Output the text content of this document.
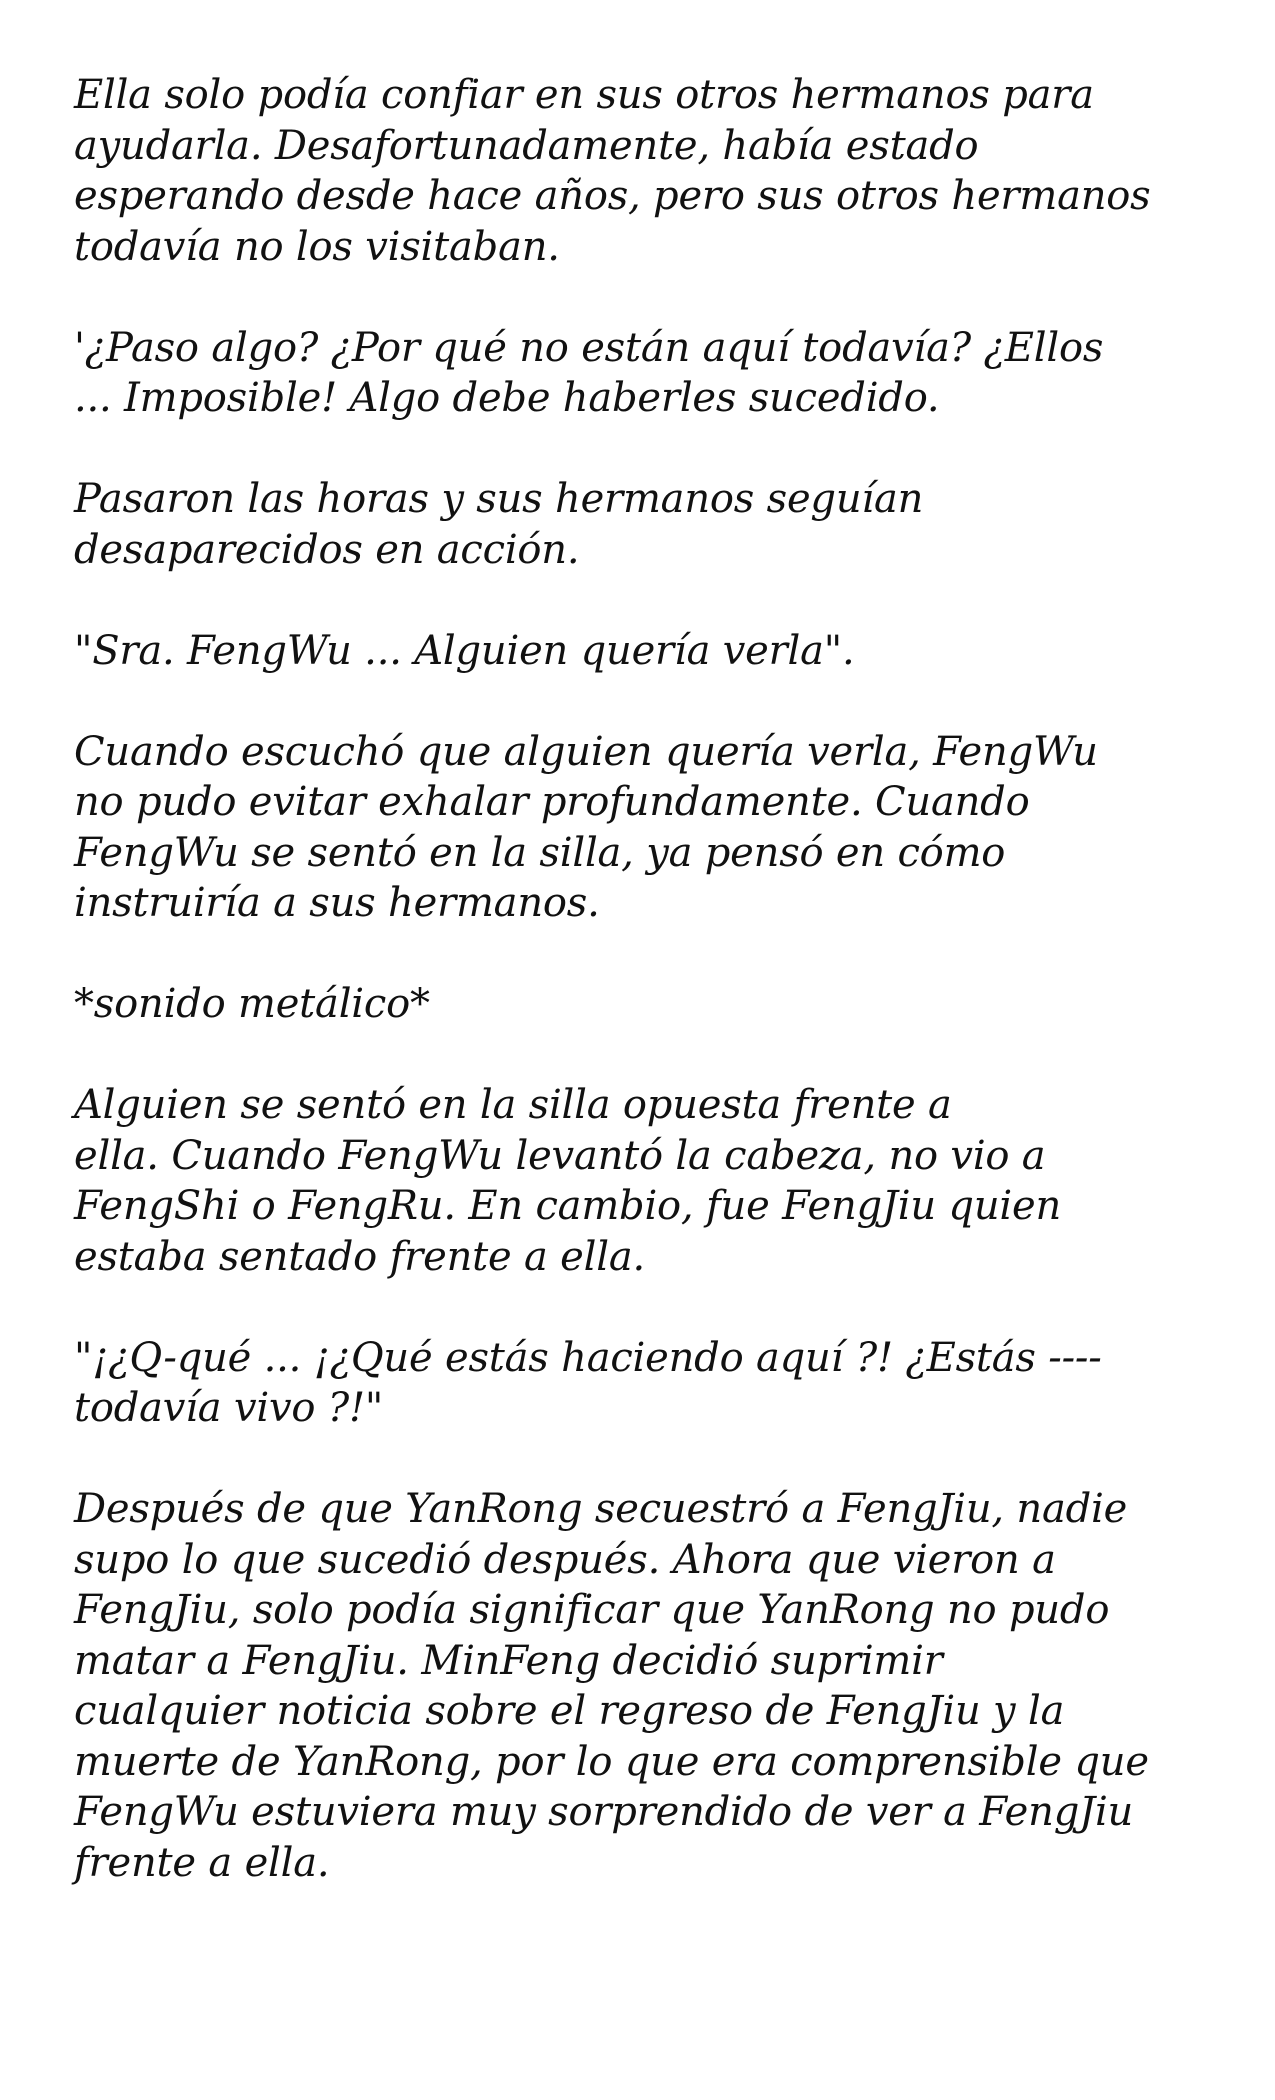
Ella solo podía confiar en sus otros hermanos para
ayudarla. Desafortunadamente, había estado
esperando desde hace años, pero sus otros hermanos
todavía no los visitaban.

'¿Paso algo? ¿Por qué no están aquí todavía? ¿Ellos
... Imposible! Algo debe haberles sucedido.

Pasaron las horas y sus hermanos seguían
desaparecidos en acción.

"Sra. FengWu ... Alguien quería verla".

Cuando escuchó que alguien quería verla, FengWu
no pudo evitar exhalar profundamente. Cuando
FengWu se sentó en la silla, ya pensó en cómo
instruiría a sus hermanos.

*sonido metálico*

Alguien se sentó en la silla opuesta frente a
ella. Cuando FengWu levantó la cabeza, no vio a
FengShi o FengRu. En cambio, fue FengJiu quien
estaba sentado frente a ella.

"¡¿Q-qué ... ¡¿Qué estás haciendo aquí ?! ¿Estás ----
todavía vivo ?!"

Después de que YanRong secuestró a FengJiu, nadie
supo lo que sucedió después. Ahora que vieron a
FengJiu, solo podía significar que YanRong no pudo
matar a FengJiu. MinFeng decidió suprimir
cualquier noticia sobre el regreso de FengJiu y la
muerte de YanRong, por lo que era comprensible que
FengWu estuviera muy sorprendido de ver a FengJiu
frente a ella.
